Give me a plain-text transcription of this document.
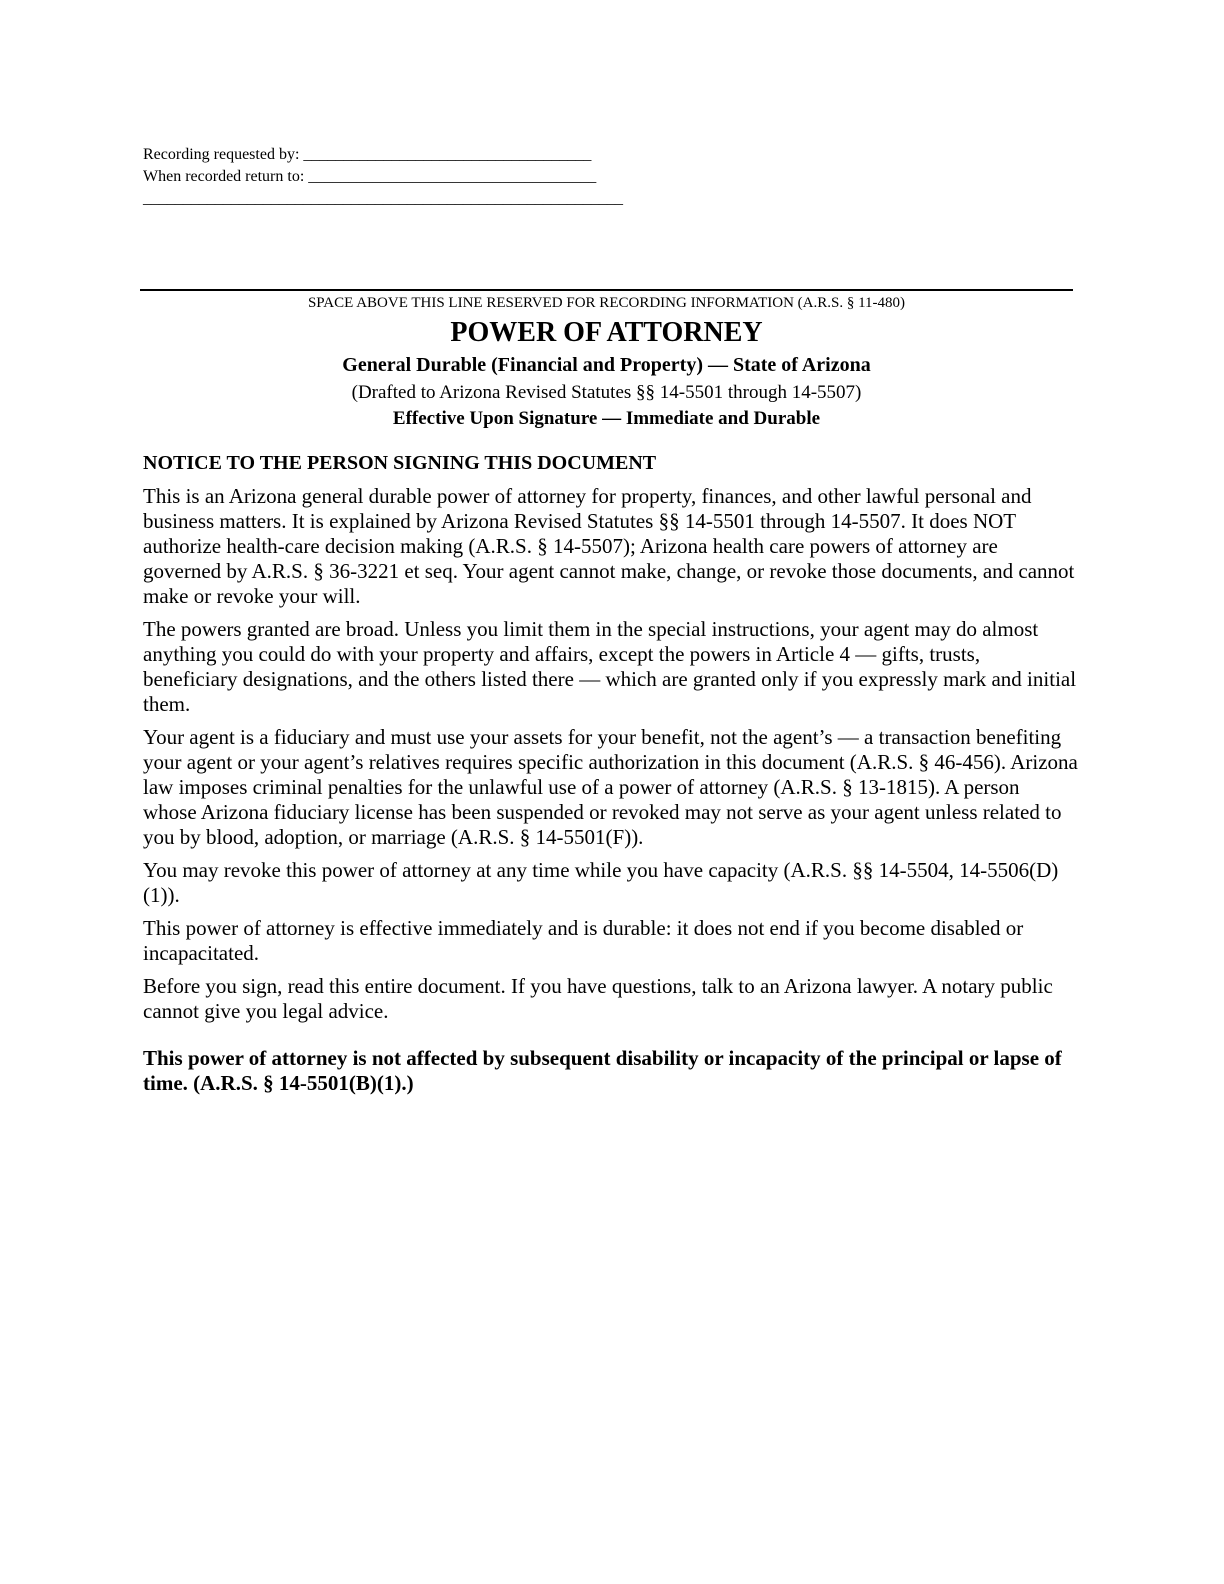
Recording requested by: ____________________________________
When recorded return to: ____________________________________
____________________________________________________________

SPACE ABOVE THIS LINE RESERVED FOR RECORDING INFORMATION (A.R.S. § 11-480)

POWER OF ATTORNEY

General Durable (Financial and Property) — State of Arizona

(Drafted to Arizona Revised Statutes §§ 14-5501 through 14-5507)

Effective Upon Signature — Immediate and Durable

NOTICE TO THE PERSON SIGNING THIS DOCUMENT

This is an Arizona general durable power of attorney for property, finances, and other lawful personal and business matters. It is explained by Arizona Revised Statutes §§ 14-5501 through 14-5507. It does NOT authorize health-care decision making (A.R.S. § 14-5507); Arizona health care powers of attorney are governed by A.R.S. § 36-3221 et seq. Your agent cannot make, change, or revoke those documents, and cannot make or revoke your will.

The powers granted are broad. Unless you limit them in the special instructions, your agent may do almost anything you could do with your property and affairs, except the powers in Article 4 — gifts, trusts, beneficiary designations, and the others listed there — which are granted only if you expressly mark and initial them.

Your agent is a fiduciary and must use your assets for your benefit, not the agent’s — a transaction benefiting your agent or your agent’s relatives requires specific authorization in this document (A.R.S. § 46-456). Arizona law imposes criminal penalties for the unlawful use of a power of attorney (A.R.S. § 13-1815). A person whose Arizona fiduciary license has been suspended or revoked may not serve as your agent unless related to you by blood, adoption, or marriage (A.R.S. § 14-5501(F)).

You may revoke this power of attorney at any time while you have capacity (A.R.S. §§ 14-5504, 14-5506(D)(1)).

This power of attorney is effective immediately and is durable: it does not end if you become disabled or incapacitated.

Before you sign, read this entire document. If you have questions, talk to an Arizona lawyer. A notary public cannot give you legal advice.

This power of attorney is not affected by subsequent disability or incapacity of the principal or lapse of time. (A.R.S. § 14-5501(B)(1).)
